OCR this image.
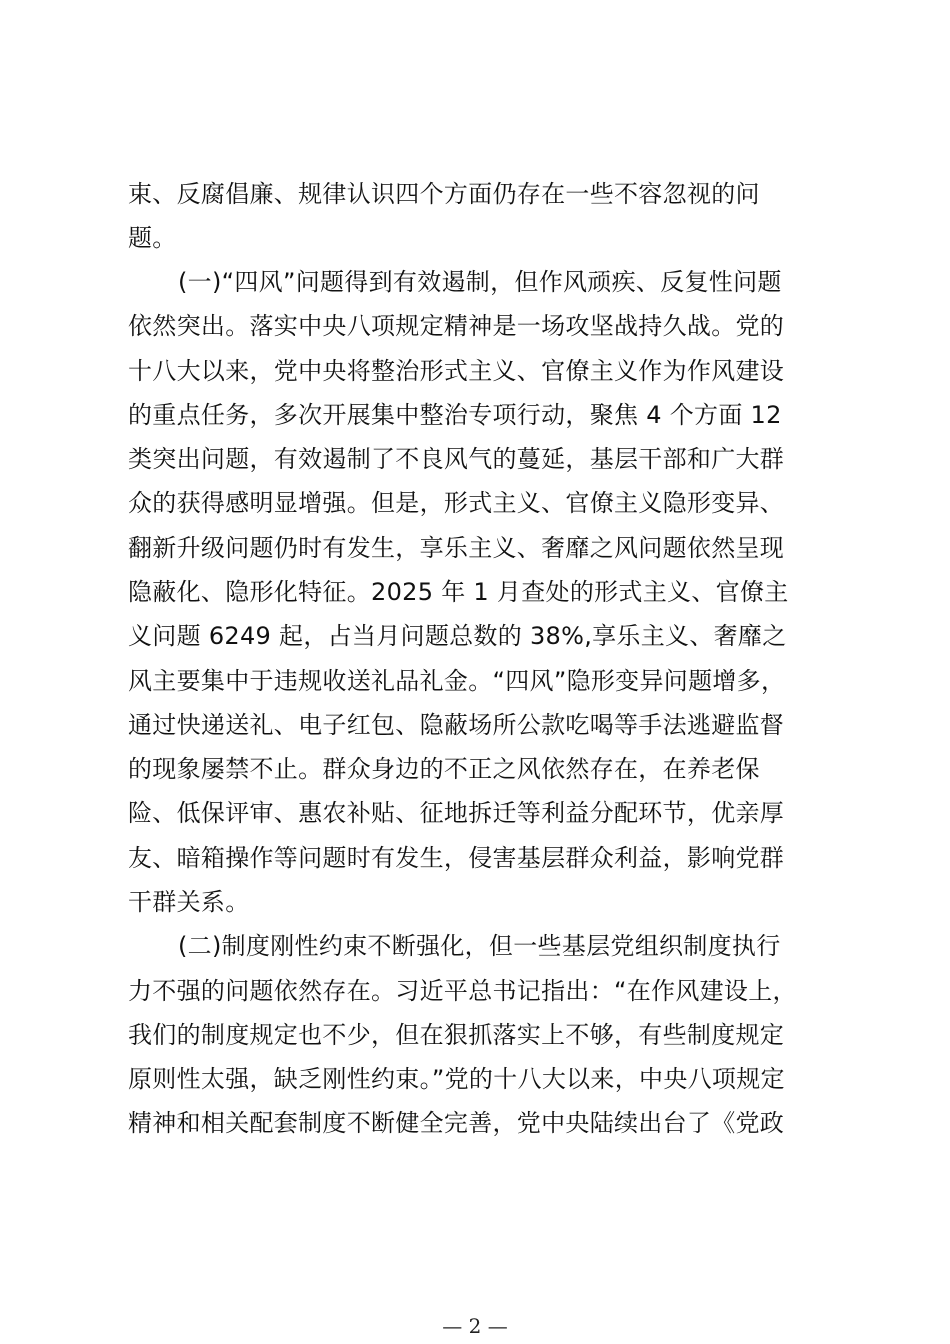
束、反腐倡廉、规律认识四个方面仍存在一些不容忽视的问
题。
(一)“四风”问题得到有效遏制，但作风顽疾、反复性问题
依然突出。落实中央八项规定精神是一场攻坚战持久战。党的
十八大以来，党中央将整治形式主义、官僚主义作为作风建设
的重点任务，多次开展集中整治专项行动，聚焦 4 个方面 12
类突出问题，有效遏制了不良风气的蔓延，基层干部和广大群
众的获得感明显增强。但是，形式主义、官僚主义隐形变异、
翻新升级问题仍时有发生，享乐主义、奢靡之风问题依然呈现
隐蔽化、隐形化特征。2025 年 1 月查处的形式主义、官僚主
义问题 6249 起，占当月问题总数的 38%,享乐主义、奢靡之
风主要集中于违规收送礼品礼金。“四风”隐形变异问题增多，
通过快递送礼、电子红包、隐蔽场所公款吃喝等手法逃避监督
的现象屡禁不止。群众身边的不正之风依然存在，在养老保
险、低保评审、惠农补贴、征地拆迁等利益分配环节，优亲厚
友、暗箱操作等问题时有发生，侵害基层群众利益，影响党群
干群关系。
(二)制度刚性约束不断强化，但一些基层党组织制度执行
力不强的问题依然存在。习近平总书记指出：“在作风建设上，
我们的制度规定也不少，但在狠抓落实上不够，有些制度规定
原则性太强，缺乏刚性约束。”党的十八大以来，中央八项规定
精神和相关配套制度不断健全完善，党中央陆续出台了《党政
— 2 —
